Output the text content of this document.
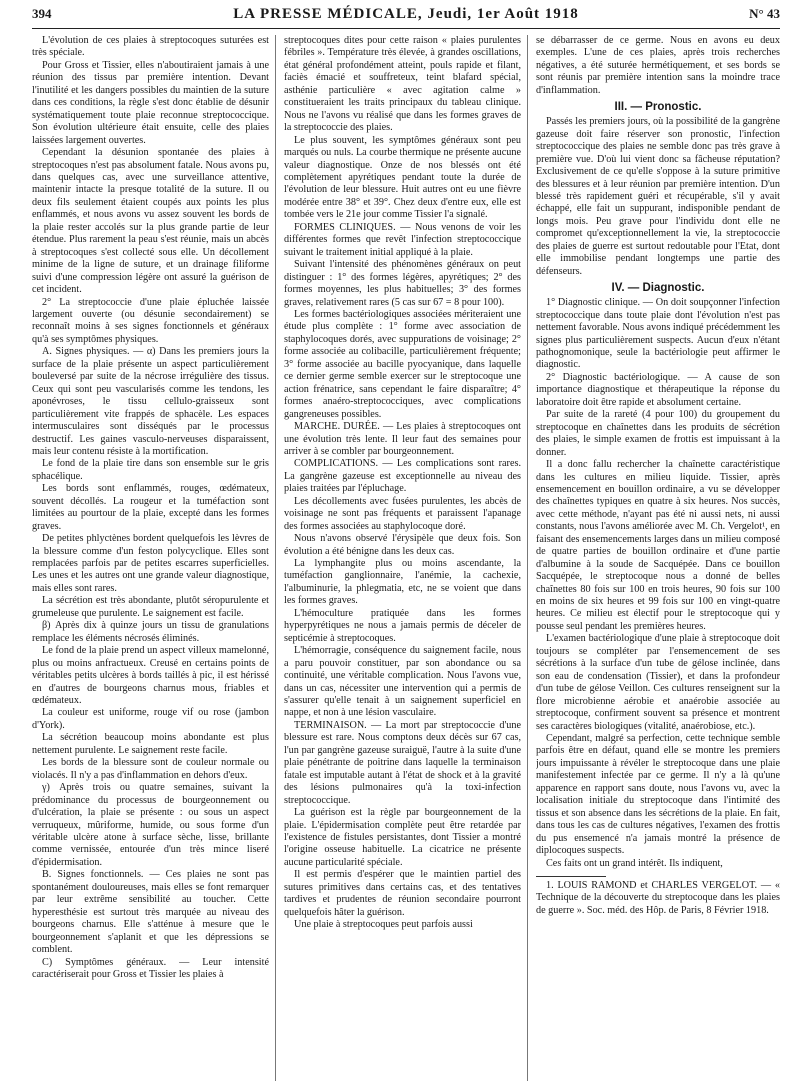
394	LA PRESSE MÉDICALE, Jeudi, 1er Août 1918	N° 43

L'évolution de ces plaies à streptocoques suturées est très spéciale.

Pour Gross et Tissier, elles n'aboutiraient jamais à une réunion des tissus par première intention. Devant l'inutilité et les dangers possibles du maintien de la suture dans ces conditions, la règle s'est donc établie de désunir systématiquement toute plaie reconnue streptococcique. Son évolution ultérieure était ensuite, celle des plaies laissées largement ouvertes.

Cependant la désunion spontanée des plaies à streptocoques n'est pas absolument fatale. Nous avons pu, dans quelques cas, avec une surveillance attentive, maintenir intacte la presque totalité de la suture. Il ou deux fils seulement étaient coupés aux points les plus enflammés, et nous avons vu assez souvent les bords de la plaie rester accolés sur la plus grande partie de leur étendue. Plus rarement la peau s'est réunie, mais un abcès à streptocoques s'est collecté sous elle. Un décollement minime de la ligne de suture, et un drainage filiforme suivi d'une compression légère ont assuré la guérison de cet incident.

2° La streptococcie d'une plaie épluchée laissée largement ouverte (ou désunie secondairement) se reconnaît moins à ses signes fonctionnels et généraux qu'à ses symptômes physiques.

A. Signes physiques. — α) Dans les premiers jours la surface de la plaie présente un aspect particulièrement bouleversé par suite de la nécrose irrégulière des tissus. Ceux qui sont peu vascularisés comme les tendons, les aponévroses, le tissu cellulo-graisseux sont particulièrement vite frappés de sphacèle. Les espaces intermusculaires sont disséqués par le processus destructif. Les gaines vasculo-nerveuses disparaissent, mais leur contenu résiste à la mortification.

Le fond de la plaie tire dans son ensemble sur le gris sphacélique.

Les bords sont enflammés, rouges, œdémateux, souvent décollés. La rougeur et la tuméfaction sont limitées au pourtour de la plaie, excepté dans les formes graves.

De petites phlyctènes bordent quelquefois les lèvres de la blessure comme d'un feston polycyclique. Elles sont remplacées parfois par de petites escarres superficielles. Les unes et les autres ont une grande valeur diagnostique, mais elles sont rares.

La sécrétion est très abondante, plutôt séropurulente et grumeleuse que purulente. Le saignement est facile.

β) Après dix à quinze jours un tissu de granulations remplace les éléments nécrosés éliminés.

Le fond de la plaie prend un aspect villeux mamelonné, plus ou moins anfractueux. Creusé en certains points de véritables petits ulcères à bords taillés à pic, il est hérissé en d'autres de bourgeons charnus mous, friables et œdémateux.

La couleur est uniforme, rouge vif ou rose (jambon d'York).

La sécrétion beaucoup moins abondante est plus nettement purulente. Le saignement reste facile.

Les bords de la blessure sont de couleur normale ou violacés. Il n'y a pas d'inflammation en dehors d'eux.

γ) Après trois ou quatre semaines, suivant la prédominance du processus de bourgeonnement ou d'ulcération, la plaie se présente : ou sous un aspect verruqueux, mûriforme, humide, ou sous forme d'un véritable ulcère atone à surface sèche, lisse, brillante comme vernissée, entourée d'un très mince liseré d'épidermisation.

B. Signes fonctionnels. — Ces plaies ne sont pas spontanément douloureuses, mais elles se font remarquer par leur extrême sensibilité au toucher. Cette hyperesthésie est surtout très marquée au niveau des bourgeons charnus. Elle s'atténue à mesure que le bourgeonnement s'aplanit et que les dépressions se comblent.

C) Symptômes généraux. — Leur intensité caractériserait pour Gross et Tissier les plaies à

streptocoques dites pour cette raison « plaies purulentes fébriles ». Température très élevée, à grandes oscillations, état général profondément atteint, pouls rapide et filant, faciès émacié et souffreteux, teint blafard spécial, asthénie particulière « avec agitation calme » constitueraient les traits principaux du tableau clinique. Nous ne l'avons vu réalisé que dans les formes graves de la streptococcie des plaies.

Le plus souvent, les symptômes généraux sont peu marqués ou nuls. La courbe thermique ne présente aucune valeur diagnostique. Onze de nos blessés ont été complètement apyrétiques pendant toute la durée de l'évolution de leur blessure. Huit autres ont eu une fièvre modérée entre 38° et 39°. Chez deux d'entre eux, elle est tombée vers le 21e jour comme Tissier l'a signalé.

FORMES CLINIQUES. — Nous venons de voir les différentes formes que revêt l'infection streptococcique suivant le traitement initial appliqué à la plaie.

Suivant l'intensité des phénomènes généraux on peut distinguer : 1° des formes légères, apyrétiques; 2° des formes moyennes, les plus habituelles; 3° des formes graves, relativement rares (5 cas sur 67 = 8 pour 100).

Les formes bactériologiques associées mériteraient une étude plus complète : 1° forme avec association de staphylocoques dorés, avec suppurations de voisinage; 2° forme associée au colibacille, particulièrement fréquente; 3° forme associée au bacille pyocyanique, dans laquelle ce dernier germe semble exercer sur le streptocoque une action frénatrice, sans cependant le faire disparaître; 4° formes anaéro-streptococciques, avec complications gangreneuses possibles.

MARCHE. DURÉE. — Les plaies à streptocoques ont une évolution très lente. Il leur faut des semaines pour arriver à se combler par bourgeonnement.

COMPLICATIONS. — Les complications sont rares. La gangrène gazeuse est exceptionnelle au niveau des plaies traitées par l'épluchage.

Les décollements avec fusées purulentes, les abcès de voisinage ne sont pas fréquents et paraissent l'apanage des formes associées au staphylocoque doré.

Nous n'avons observé l'érysipèle que deux fois. Son évolution a été bénigne dans les deux cas.

La lymphangite plus ou moins ascendante, la tuméfaction ganglionnaire, l'anémie, la cachexie, l'albuminurie, la phlegmatia, etc, ne se voient que dans les formes graves.

L'hémoculture pratiquée dans les formes hyperpyrétiques ne nous a jamais permis de déceler de septicémie à streptocoques.

L'hémorragie, conséquence du saignement facile, nous a paru pouvoir constituer, par son abondance ou sa continuité, une véritable complication. Nous l'avons vue, dans un cas, nécessiter une intervention qui a permis de s'assurer qu'elle tenait à un saignement superficiel en nappe, et non à une lésion vasculaire.

TERMINAISON. — La mort par streptococcie d'une blessure est rare. Nous comptons deux décès sur 67 cas, l'un par gangrène gazeuse suraiguë, l'autre à la suite d'une plaie pénétrante de poitrine dans laquelle la terminaison fatale est imputable autant à l'état de shock et à la gravité des lésions pulmonaires qu'à la toxi-infection streptococcique.

La guérison est la règle par bourgeonnement de la plaie. L'épidermisation complète peut être retardée par l'existence de fistules persistantes, dont Tissier a montré l'origine osseuse habituelle. La cicatrice ne présente aucune particularité spéciale.

Il est permis d'espérer que le maintien partiel des sutures primitives dans certains cas, et des tentatives tardives et prudentes de réunion secondaire pourront quelquefois hâter la guérison.

Une plaie à streptocoques peut parfois aussi

se débarrasser de ce germe. Nous en avons eu deux exemples. L'une de ces plaies, après trois recherches négatives, a été suturée hermétiquement, et ses bords se sont réunis par première intention sans la moindre trace d'inflammation.

III. — Pronostic.

Passés les premiers jours, où la possibilité de la gangrène gazeuse doit faire réserver son pronostic, l'infection streptococcique des plaies ne semble donc pas très grave à première vue. D'où lui vient donc sa fâcheuse réputation? Exclusivement de ce qu'elle s'oppose à la suture primitive des blessures et à leur réunion par première intention. D'un blessé très rapidement guéri et récupérable, s'il y avait échappé, elle fait un suppurant, indisponible pendant de longs mois. Peu grave pour l'individu dont elle ne compromet qu'exceptionnellement la vie, la streptococcie des plaies de guerre est surtout redoutable pour l'Etat, dont elle immobilise pendant longtemps une partie des défenseurs.

IV. — Diagnostic.

1° Diagnostic clinique. — On doit soupçonner l'infection streptococcique dans toute plaie dont l'évolution n'est pas nettement favorable. Nous avons indiqué précédemment les signes plus particulièrement suspects. Aucun d'eux n'étant pathognomonique, seule la bactériologie peut affirmer le diagnostic.

2° Diagnostic bactériologique. — A cause de son importance diagnostique et thérapeutique la réponse du laboratoire doit être rapide et absolument certaine.

Par suite de la rareté (4 pour 100) du groupement du streptocoque en chaînettes dans les produits de sécrétion des plaies, le simple examen de frottis est impuissant à la donner.

Il a donc fallu rechercher la chaînette caractéristique dans les cultures en milieu liquide. Tissier, après ensemencement en bouillon ordinaire, a vu se développer des chaînettes typiques en quatre à six heures. Nos succès, avec cette méthode, n'ayant pas été ni aussi nets, ni aussi constants, nous l'avons améliorée avec M. Ch. Vergelot¹, en faisant des ensemencements larges dans un milieu composé de quatre parties de bouillon ordinaire et d'une partie d'albumine à la soude de Sacquépée. Dans ce bouillon Sacquépée, le streptocoque nous a donné de belles chaînettes 80 fois sur 100 en trois heures, 90 fois sur 100 en moins de six heures et 99 fois sur 100 en vingt-quatre heures. Ce milieu est électif pour le streptocoque qui y pousse seul pendant les premières heures.

L'examen bactériologique d'une plaie à streptocoque doit toujours se compléter par l'ensemencement de ses sécrétions à la surface d'un tube de gélose inclinée, dans son eau de condensation (Tissier), et dans la profondeur d'un tube de gélose Veillon. Ces cultures renseignent sur la flore microbienne aérobie et anaérobie associée au streptocoque, confirment souvent sa présence et montrent ses caractères biologiques (vitalité, anaérobiose, etc.).

Cependant, malgré sa perfection, cette technique semble parfois être en défaut, quand elle se montre les premiers jours impuissante à révéler le streptocoque dans une plaie manifestement infectée par ce germe. Il n'y a là qu'une apparence en rapport sans doute, nous l'avons vu, avec la localisation initiale du streptocoque dans l'intimité des tissus et son absence dans les sécrétions de la plaie. En fait, dans tous les cas de cultures négatives, l'examen des frottis du pus ensemencé n'a jamais montré la présence de diplocoques suspects.

Ces faits ont un grand intérêt. Ils indiquent,

1. LOUIS RAMOND et CHARLES VERGELOT. — « Technique de la découverte du streptocoque dans les plaies de guerre ». Soc. méd. des Hôp. de Paris, 8 Février 1918.
